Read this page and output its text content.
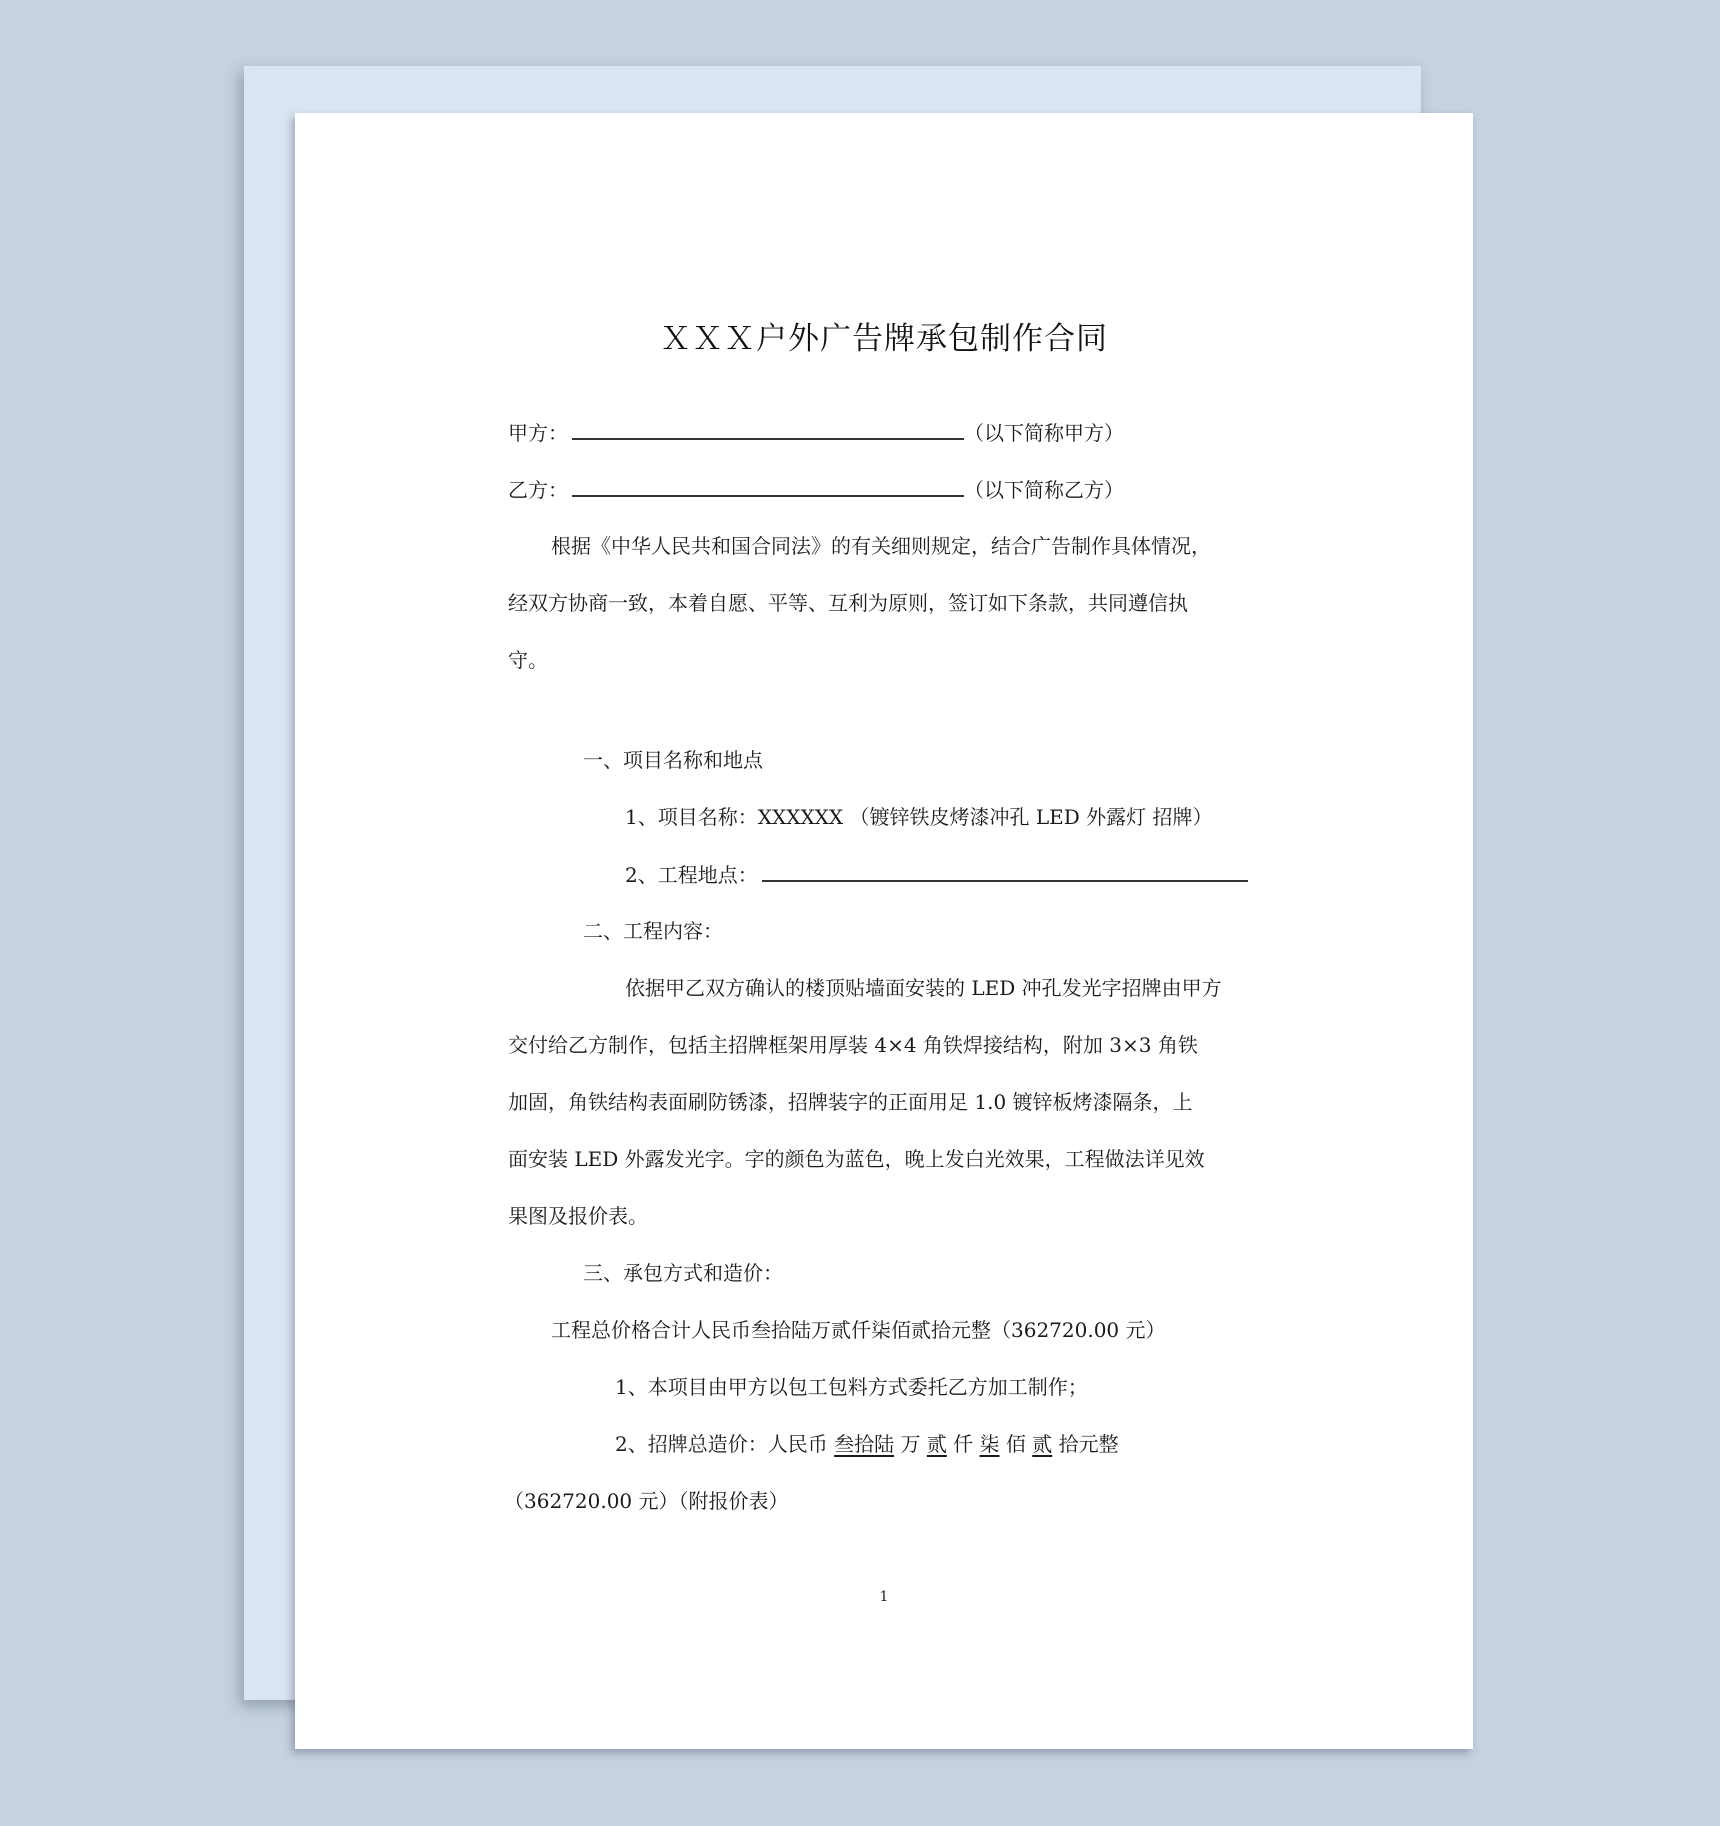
ＸＸＸ户外广告牌承包制作合同
甲方：	（以下简称甲方）
乙方：	（以下简称乙方）
根据《中华人民共和国合同法》的有关细则规定，结合广告制作具体情况，
经双方协商一致，本着自愿、平等、互利为原则，签订如下条款，共同遵信执
守。
一、项目名称和地点
1、项目名称：XXXXXX （镀锌铁皮烤漆冲孔 LED 外露灯 招牌）
2、工程地点：
二、工程内容：
依据甲乙双方确认的楼顶贴墙面安装的 LED 冲孔发光字招牌由甲方
交付给乙方制作，包括主招牌框架用厚装 4×4 角铁焊接结构，附加 3×3 角铁
加固，角铁结构表面刷防锈漆，招牌装字的正面用足 1.0 镀锌板烤漆隔条，上
面安装 LED 外露发光字。字的颜色为蓝色，晚上发白光效果，工程做法详见效
果图及报价表。
三、承包方式和造价：
工程总价格合计人民币叁拾陆万贰仟柒佰贰拾元整（362720.00 元）
1、本项目由甲方以包工包料方式委托乙方加工制作；
2、招牌总造价：人民币 叁拾陆 万 贰 仟 柒 佰 贰 拾元整
（362720.00 元）（附报价表）
1
